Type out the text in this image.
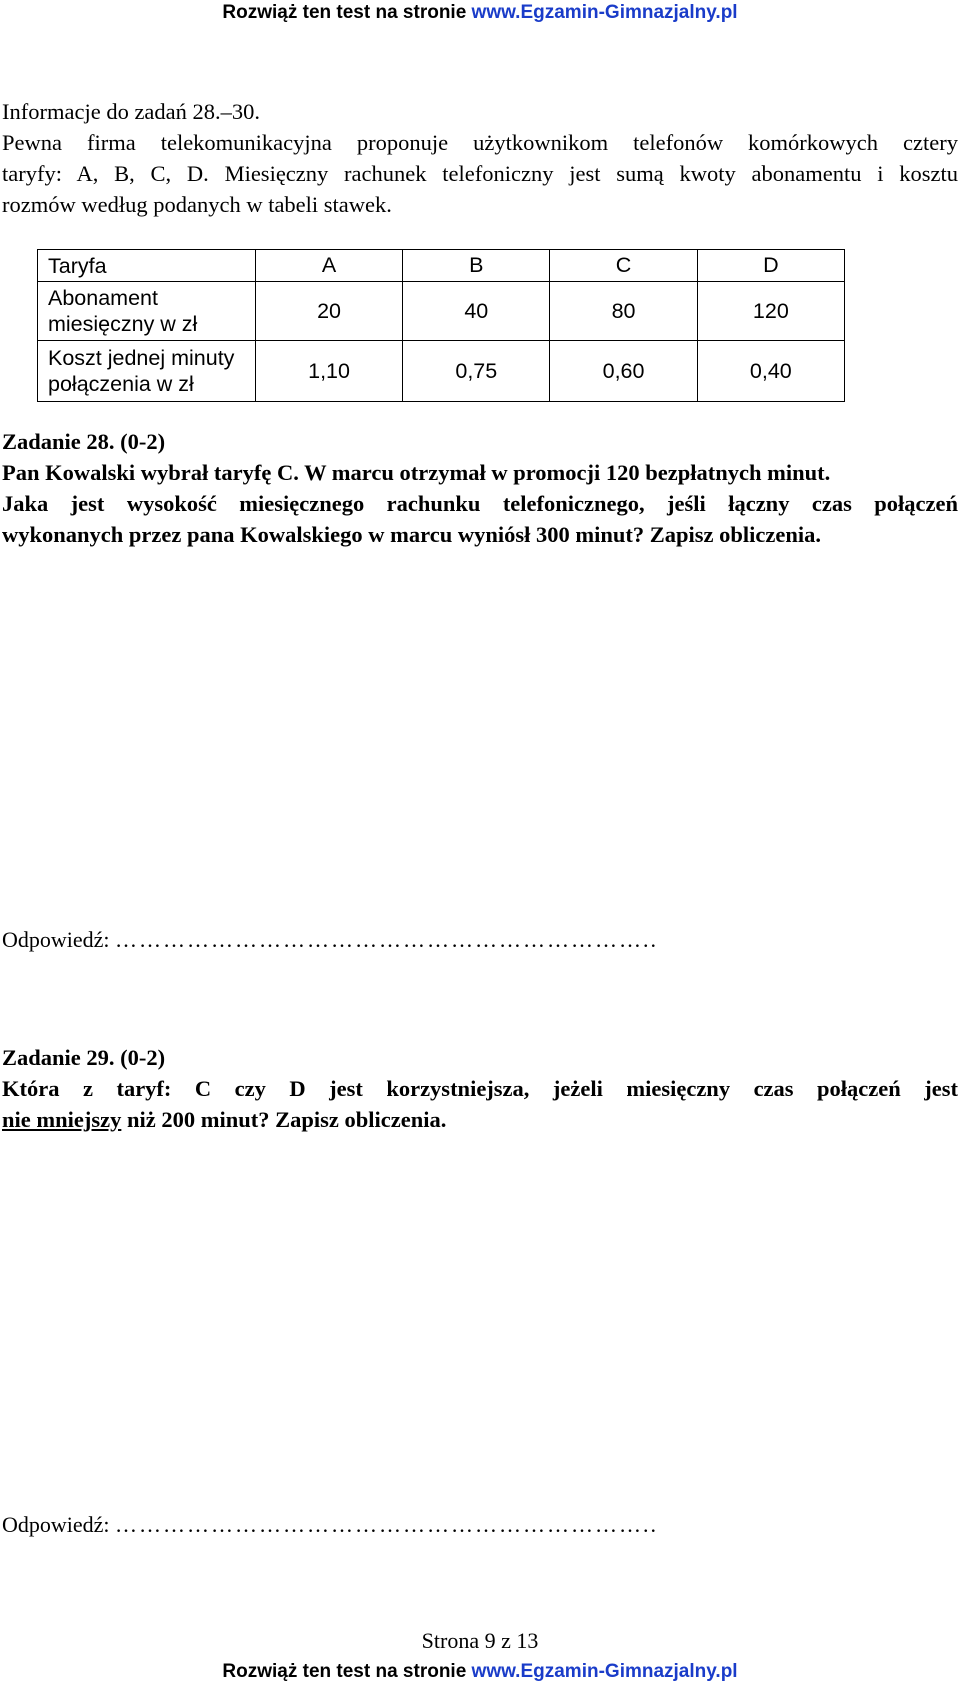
Rozwiąż ten test na stronie www.Egzamin-Gimnazjalny.pl
Informacje do zadań 28.–30.
Pewna firma telekomunikacyjna proponuje użytkownikom telefonów komórkowych cztery
taryfy: A, B, C, D. Miesięczny rachunek telefoniczny jest sumą kwoty abonamentu i kosztu
rozmów według podanych w tabeli stawek.
Taryfa	A	B	C	D

Abonament
miesięczny w zł	20	40	80	120

Koszt jednej minuty
połączenia w zł	1,10	0,75	0,60	0,40
Zadanie 28. (0-2)
Pan Kowalski wybrał taryfę C. W marcu otrzymał w promocji 120 bezpłatnych minut.
Jaka jest wysokość miesięcznego rachunku telefonicznego, jeśli łączny czas połączeń
wykonanych przez pana Kowalskiego w marcu wyniósł 300 minut? Zapisz obliczenia.
Odpowiedź: …………………………………………………………..
Zadanie 29. (0-2)
Która z taryf: C czy D jest korzystniejsza, jeżeli miesięczny czas połączeń jest
nie mniejszy niż 200 minut? Zapisz obliczenia.
Odpowiedź: …………………………………………………………..
Strona 9 z 13
Rozwiąż ten test na stronie www.Egzamin-Gimnazjalny.pl
